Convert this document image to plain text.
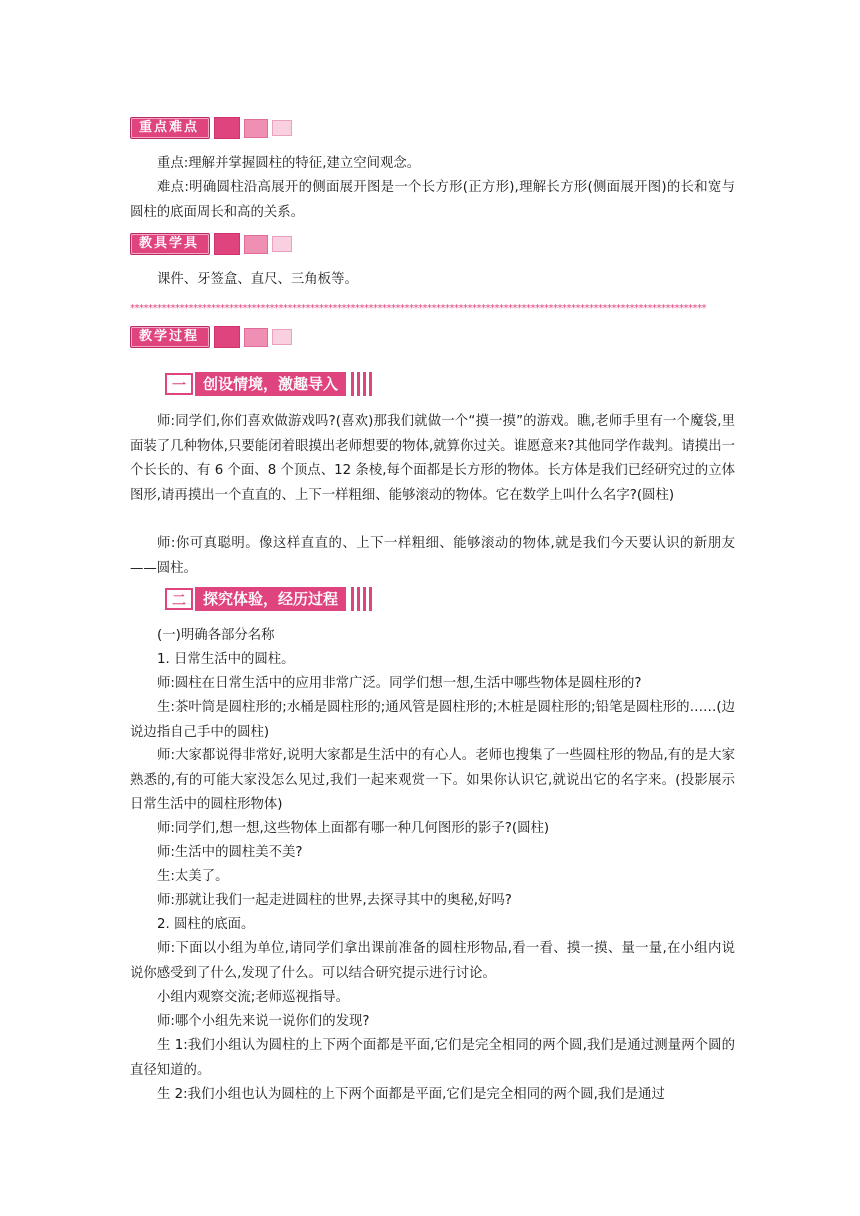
重点难点

重点:理解并掌握圆柱的特征,建立空间观念。

难点:明确圆柱沿高展开的侧面展开图是一个长方形(正方形),理解长方形(侧面展开图)的长和宽与圆柱的底面周长和高的关系。

教具学具

课件、牙签盒、直尺、三角板等。

********************************************************************************************************************************
教学过程
一	创设情境，激趣导入

师:同学们,你们喜欢做游戏吗?(喜欢)那我们就做一个“摸一摸”的游戏。瞧,老师手里有一个魔袋,里面装了几种物体,只要能闭着眼摸出老师想要的物体,就算你过关。谁愿意来?其他同学作裁判。请摸出一个长长的、有 6 个面、8 个顶点、12 条棱,每个面都是长方形的物体。长方体是我们已经研究过的立体图形,请再摸出一个直直的、上下一样粗细、能够滚动的物体。它在数学上叫什么名字?(圆柱)

师:你可真聪明。像这样直直的、上下一样粗细、能够滚动的物体,就是我们今天要认识的新朋友——圆柱。

二	探究体验，经历过程

(一)明确各部分名称

1. 日常生活中的圆柱。

师:圆柱在日常生活中的应用非常广泛。同学们想一想,生活中哪些物体是圆柱形的?

生:茶叶筒是圆柱形的;水桶是圆柱形的;通风管是圆柱形的;木桩是圆柱形的;铅笔是圆柱形的……(边说边指自己手中的圆柱)

师:大家都说得非常好,说明大家都是生活中的有心人。老师也搜集了一些圆柱形的物品,有的是大家熟悉的,有的可能大家没怎么见过,我们一起来观赏一下。如果你认识它,就说出它的名字来。(投影展示日常生活中的圆柱形物体)

师:同学们,想一想,这些物体上面都有哪一种几何图形的影子?(圆柱)

师:生活中的圆柱美不美?

生:太美了。

师:那就让我们一起走进圆柱的世界,去探寻其中的奥秘,好吗?

2. 圆柱的底面。

师:下面以小组为单位,请同学们拿出课前准备的圆柱形物品,看一看、摸一摸、量一量,在小组内说说你感受到了什么,发现了什么。可以结合研究提示进行讨论。

小组内观察交流;老师巡视指导。

师:哪个小组先来说一说你们的发现?

生 1:我们小组认为圆柱的上下两个面都是平面,它们是完全相同的两个圆,我们是通过测量两个圆的直径知道的。

生 2:我们小组也认为圆柱的上下两个面都是平面,它们是完全相同的两个圆,我们是通过
